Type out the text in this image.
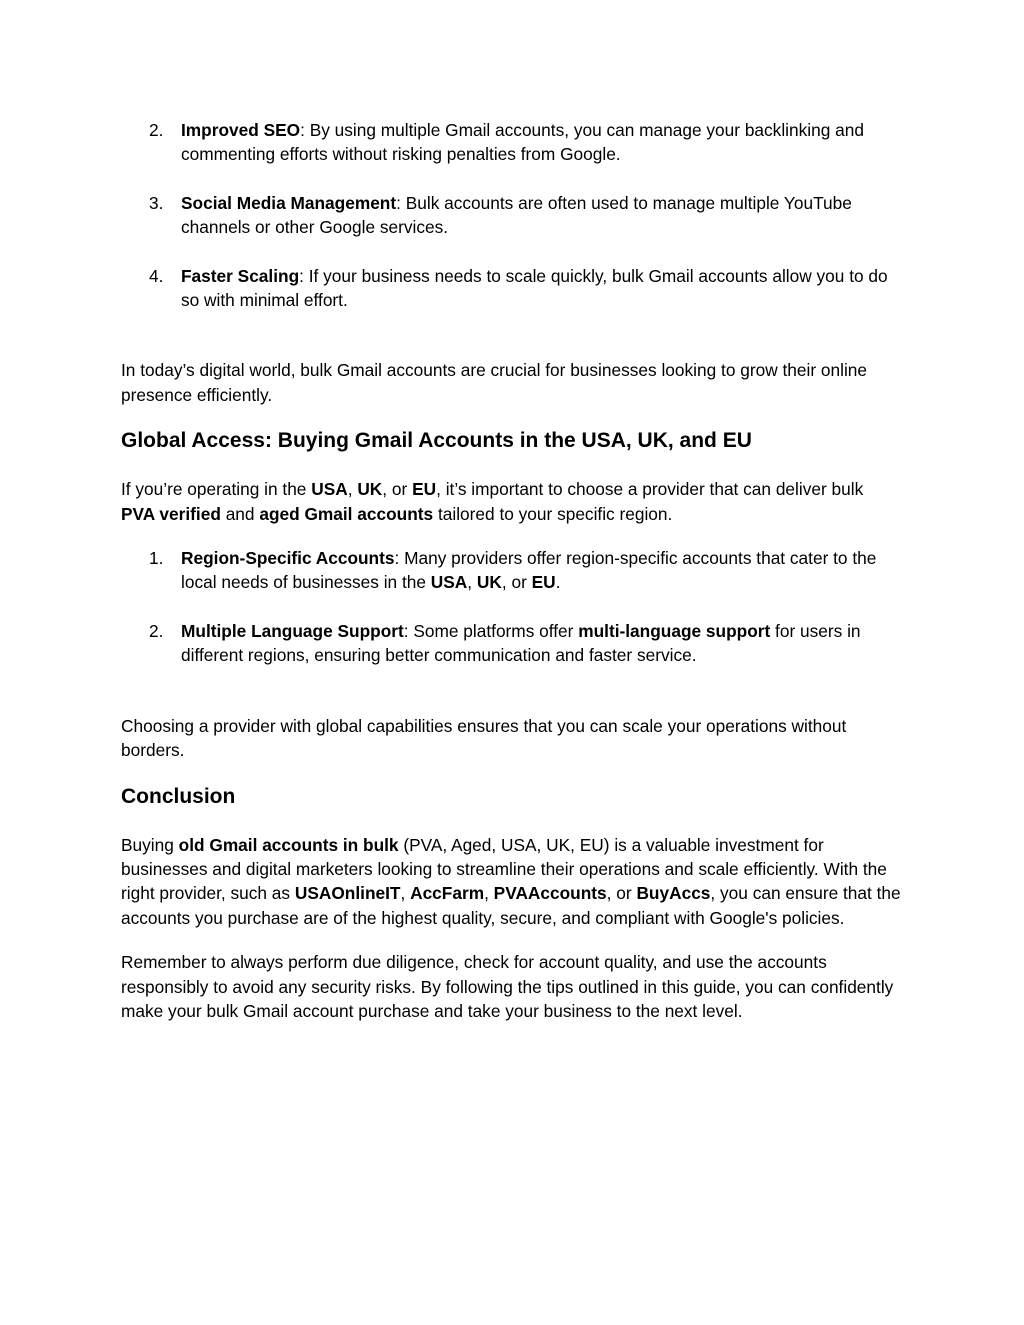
2. Improved SEO: By using multiple Gmail accounts, you can manage your backlinking and commenting efforts without risking penalties from Google.
3. Social Media Management: Bulk accounts are often used to manage multiple YouTube channels or other Google services.
4. Faster Scaling: If your business needs to scale quickly, bulk Gmail accounts allow you to do so with minimal effort.

In today’s digital world, bulk Gmail accounts are crucial for businesses looking to grow their online presence efficiently.

Global Access: Buying Gmail Accounts in the USA, UK, and EU

If you’re operating in the USA, UK, or EU, it’s important to choose a provider that can deliver bulk PVA verified and aged Gmail accounts tailored to your specific region.

1. Region-Specific Accounts: Many providers offer region-specific accounts that cater to the local needs of businesses in the USA, UK, or EU.
2. Multiple Language Support: Some platforms offer multi-language support for users in different regions, ensuring better communication and faster service.

Choosing a provider with global capabilities ensures that you can scale your operations without borders.

Conclusion

Buying old Gmail accounts in bulk (PVA, Aged, USA, UK, EU) is a valuable investment for businesses and digital marketers looking to streamline their operations and scale efficiently. With the right provider, such as USAOnlineIT, AccFarm, PVAAccounts, or BuyAccs, you can ensure that the accounts you purchase are of the highest quality, secure, and compliant with Google's policies.

Remember to always perform due diligence, check for account quality, and use the accounts responsibly to avoid any security risks. By following the tips outlined in this guide, you can confidently make your bulk Gmail account purchase and take your business to the next level.
